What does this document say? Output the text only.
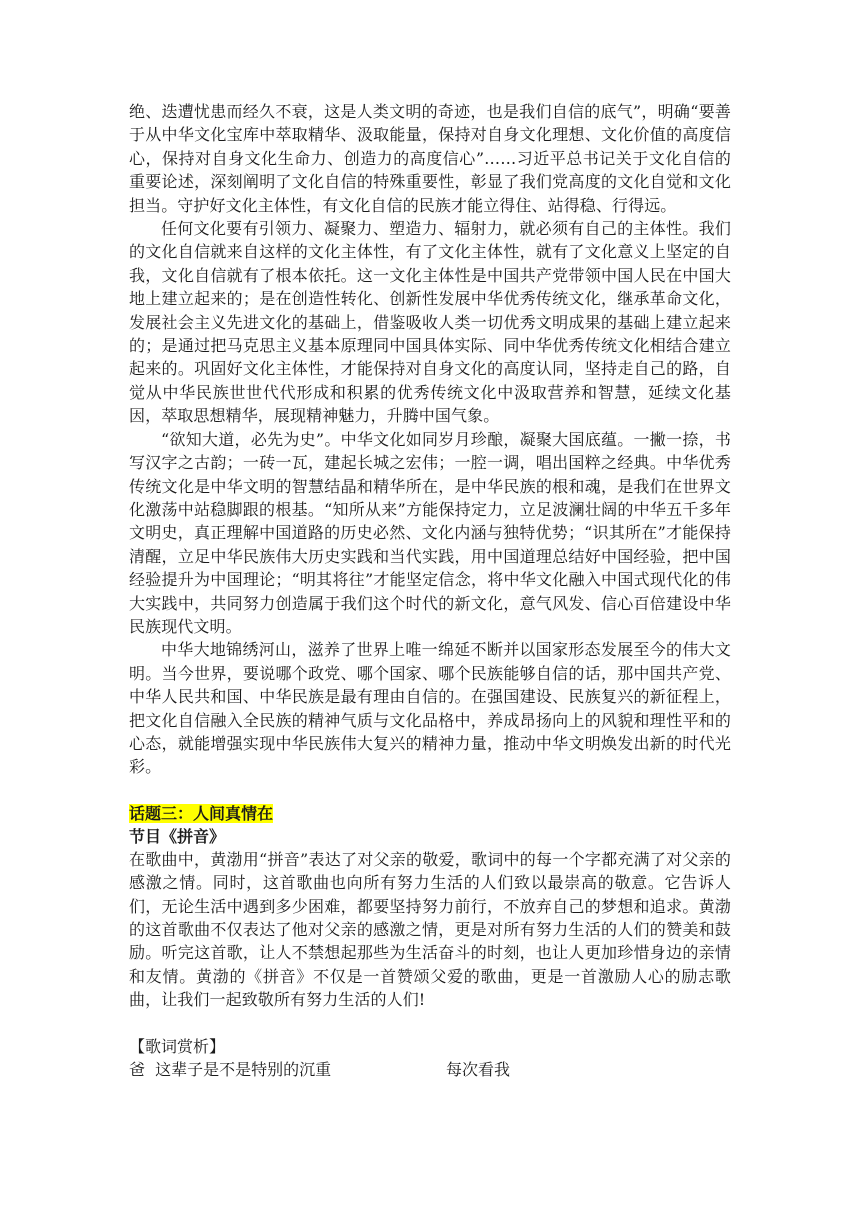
绝、迭遭忧患而经久不衰，这是人类文明的奇迹，也是我们自信的底气”，明确“要善于从中华文化宝库中萃取精华、汲取能量，保持对自身文化理想、文化价值的高度信心，保持对自身文化生命力、创造力的高度信心”……习近平总书记关于文化自信的重要论述，深刻阐明了文化自信的特殊重要性，彰显了我们党高度的文化自觉和文化担当。守护好文化主体性，有文化自信的民族才能立得住、站得稳、行得远。

任何文化要有引领力、凝聚力、塑造力、辐射力，就必须有自己的主体性。我们的文化自信就来自这样的文化主体性，有了文化主体性，就有了文化意义上坚定的自我，文化自信就有了根本依托。这一文化主体性是中国共产党带领中国人民在中国大地上建立起来的；是在创造性转化、创新性发展中华优秀传统文化，继承革命文化，发展社会主义先进文化的基础上，借鉴吸收人类一切优秀文明成果的基础上建立起来的；是通过把马克思主义基本原理同中国具体实际、同中华优秀传统文化相结合建立起来的。巩固好文化主体性，才能保持对自身文化的高度认同，坚持走自己的路，自觉从中华民族世世代代形成和积累的优秀传统文化中汲取营养和智慧，延续文化基因，萃取思想精华，展现精神魅力，升腾中国气象。

“欲知大道，必先为史”。中华文化如同岁月珍酿，凝聚大国底蕴。一撇一捺，书写汉字之古韵；一砖一瓦，建起长城之宏伟；一腔一调，唱出国粹之经典。中华优秀传统文化是中华文明的智慧结晶和精华所在，是中华民族的根和魂，是我们在世界文化激荡中站稳脚跟的根基。“知所从来”方能保持定力，立足波澜壮阔的中华五千多年文明史，真正理解中国道路的历史必然、文化内涵与独特优势；“识其所在”才能保持清醒，立足中华民族伟大历史实践和当代实践，用中国道理总结好中国经验，把中国经验提升为中国理论；“明其将往”才能坚定信念，将中华文化融入中国式现代化的伟大实践中，共同努力创造属于我们这个时代的新文化，意气风发、信心百倍建设中华民族现代文明。

中华大地锦绣河山，滋养了世界上唯一绵延不断并以国家形态发展至今的伟大文明。当今世界，要说哪个政党、哪个国家、哪个民族能够自信的话，那中国共产党、中华人民共和国、中华民族是最有理由自信的。在强国建设、民族复兴的新征程上，把文化自信融入全民族的精神气质与文化品格中，养成昂扬向上的风貌和理性平和的心态，就能增强实现中华民族伟大复兴的精神力量，推动中华文明焕发出新的时代光彩。

话题三：人间真情在

节目《拼音》

在歌曲中，黄渤用“拼音”表达了对父亲的敬爱，歌词中的每一个字都充满了对父亲的感激之情。同时，这首歌曲也向所有努力生活的人们致以最崇高的敬意。它告诉人们，无论生活中遇到多少困难，都要坚持努力前行，不放弃自己的梦想和追求。黄渤的这首歌曲不仅表达了他对父亲的感激之情，更是对所有努力生活的人们的赞美和鼓励。听完这首歌，让人不禁想起那些为生活奋斗的时刻，也让人更加珍惜身边的亲情和友情。黄渤的《拼音》不仅是一首赞颂父爱的歌曲，更是一首激励人心的励志歌曲，让我们一起致敬所有努力生活的人们!

【歌词赏析】

爸  这辈子是不是特别的沉重	每次看我
